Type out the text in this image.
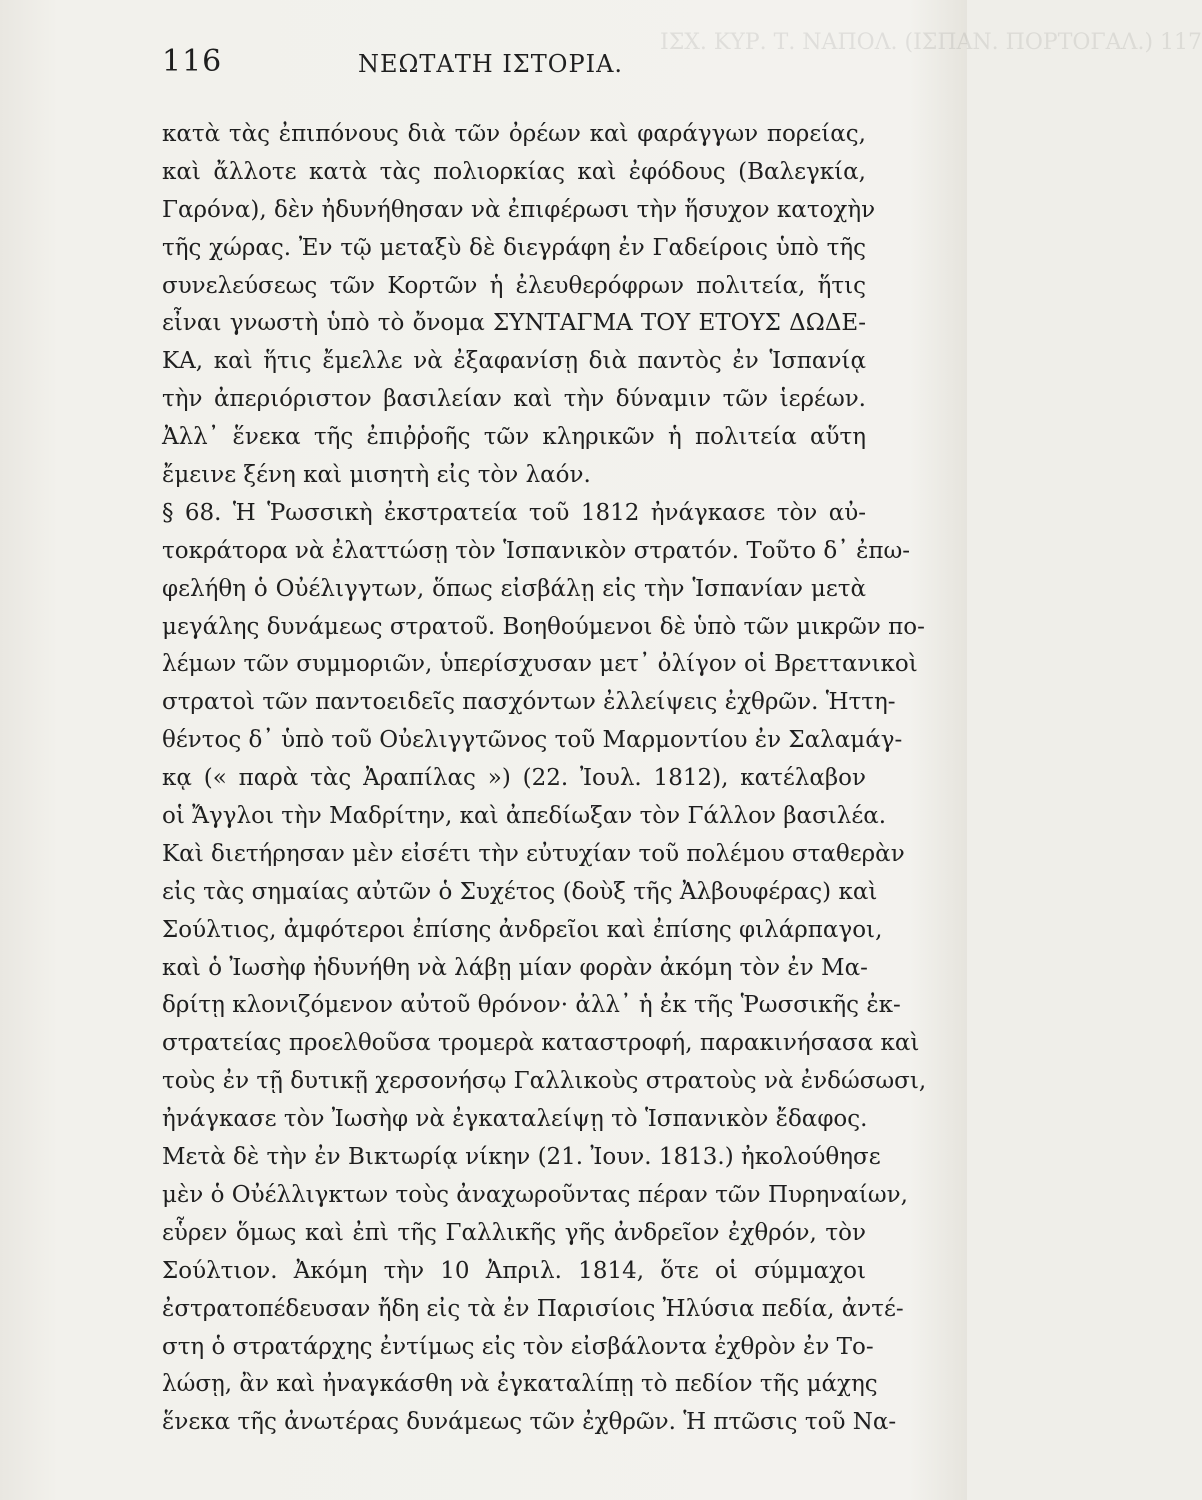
ΙΣΧ. ΚΥΡ. Τ. ΝΑΠΟΛ. (ΙΣΠΑΝ. ΠΟΡΤΟΓΑΛ.) 117
116	ΝΕΩΤΑΤΗ ΙΣΤΟΡΙΑ.
κατὰ τὰς ἐπιπόνους διὰ τῶν ὀρέων καὶ φαράγγων πορείας,
καὶ ἄλλοτε κατὰ τὰς πολιορκίας καὶ ἐφόδους (Βαλεγκία,
Γαρόνα), δὲν ἠδυνήθησαν νὰ ἐπιφέρωσι τὴν ἥσυχον κατοχὴν
τῆς χώρας. Ἐν τῷ μεταξὺ δὲ διεγράφη ἐν Γαδείροις ὑπὸ τῆς
συνελεύσεως τῶν Κορτῶν ἡ ἐλευθερόφρων πολιτεία, ἥτις
εἶναι γνωστὴ ὑπὸ τὸ ὄνομα ΣΥΝΤΑΓΜΑ ΤΟΥ ΕΤΟΥΣ ΔΩΔΕ-
ΚΑ, καὶ ἥτις ἔμελλε νὰ ἐξαφανίσῃ διὰ παντὸς ἐν Ἱσπανίᾳ
τὴν ἀπεριόριστον βασιλείαν καὶ τὴν δύναμιν τῶν ἱερέων.
Ἀλλ᾽ ἕνεκα τῆς ἐπιῤῥοῆς τῶν κληρικῶν ἡ πολιτεία αὕτη
ἔμεινε ξένη καὶ μισητὴ εἰς τὸν λαόν.
§ 68. Ἡ Ῥωσσικὴ ἐκστρατεία τοῦ 1812 ἠνάγκασε τὸν αὐ-
τοκράτορα νὰ ἐλαττώσῃ τὸν Ἱσπανικὸν στρατόν. Τοῦτο δ᾽ ἐπω-
φελήθη ὁ Οὐέλιγγτων, ὅπως εἰσβάλῃ εἰς τὴν Ἱσπανίαν μετὰ
μεγάλης δυνάμεως στρατοῦ. Βοηθούμενοι δὲ ὑπὸ τῶν μικρῶν πο-
λέμων τῶν συμμοριῶν, ὑπερίσχυσαν μετ᾽ ὀλίγον οἱ Βρεττανικοὶ
στρατοὶ τῶν παντοειδεῖς πασχόντων ἐλλείψεις ἐχθρῶν. Ἡττη-
θέντος δ᾽ ὑπὸ τοῦ Οὐελιγγτῶνος τοῦ Μαρμοντίου ἐν Σαλαμάγ-
κᾳ (« παρὰ τὰς Ἀραπίλας ») (22. Ἰουλ. 1812), κατέλαβον
οἱ Ἄγγλοι τὴν Μαδρίτην, καὶ ἀπεδίωξαν τὸν Γάλλον βασιλέα.
Καὶ διετήρησαν μὲν εἰσέτι τὴν εὐτυχίαν τοῦ πολέμου σταθερὰν
εἰς τὰς σημαίας αὐτῶν ὁ Συχέτος (δοὺξ τῆς Ἀλβουφέρας) καὶ
Σούλτιος, ἀμφότεροι ἐπίσης ἀνδρεῖοι καὶ ἐπίσης φιλάρπαγοι,
καὶ ὁ Ἰωσὴφ ἠδυνήθη νὰ λάβῃ μίαν φορὰν ἀκόμη τὸν ἐν Μα-
δρίτῃ κλονιζόμενον αὐτοῦ θρόνον· ἀλλ᾽ ἡ ἐκ τῆς Ῥωσσικῆς ἐκ-
στρατείας προελθοῦσα τρομερὰ καταστροφή, παρακινήσασα καὶ
τοὺς ἐν τῇ δυτικῇ χερσονήσῳ Γαλλικοὺς στρατοὺς νὰ ἐνδώσωσι,
ἠνάγκασε τὸν Ἰωσὴφ νὰ ἐγκαταλείψῃ τὸ Ἱσπανικὸν ἔδαφος.
Μετὰ δὲ τὴν ἐν Βικτωρίᾳ νίκην (21. Ἰουν. 1813.) ἠκολούθησε
μὲν ὁ Οὐέλλιγκτων τοὺς ἀναχωροῦντας πέραν τῶν Πυρηναίων,
εὗρεν ὅμως καὶ ἐπὶ τῆς Γαλλικῆς γῆς ἀνδρεῖον ἐχθρόν, τὸν
Σούλτιον. Ἀκόμη τὴν 10 Ἀπριλ. 1814, ὅτε οἱ σύμμαχοι
ἐστρατοπέδευσαν ἤδη εἰς τὰ ἐν Παρισίοις Ἠλύσια πεδία, ἀντέ-
στη ὁ στρατάρχης ἐντίμως εἰς τὸν εἰσβάλοντα ἐχθρὸν ἐν Το-
λώσῃ, ἂν καὶ ἠναγκάσθη νὰ ἐγκαταλίπῃ τὸ πεδίον τῆς μάχης
ἕνεκα τῆς ἀνωτέρας δυνάμεως τῶν ἐχθρῶν. Ἡ πτῶσις τοῦ Να-
